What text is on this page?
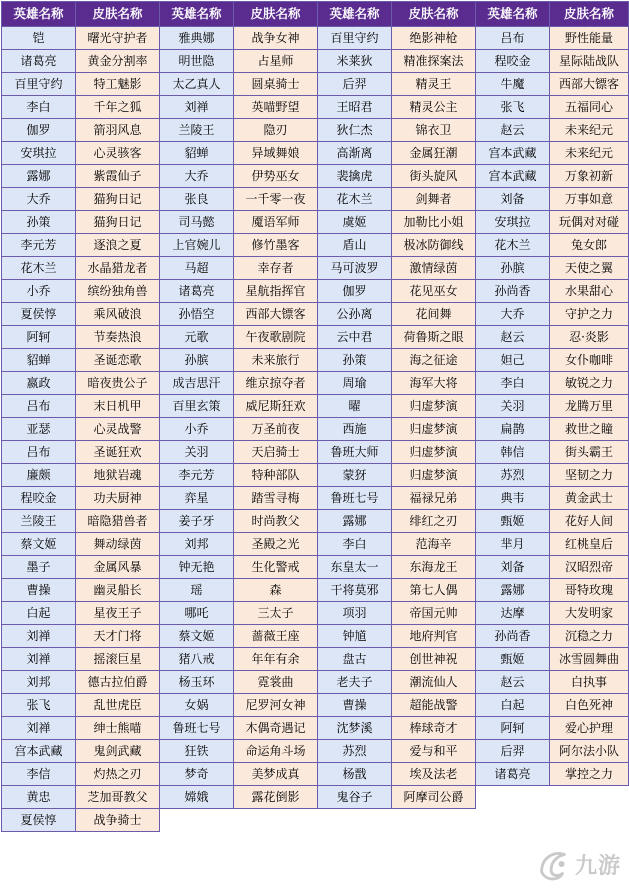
英雄名称	皮肤名称	英雄名称	皮肤名称	英雄名称	皮肤名称	英雄名称	皮肤名称
铠	曙光守护者	雅典娜	战争女神	百里守约	绝影神枪	吕布	野性能量
诸葛亮	黄金分割率	明世隐	占星师	米莱狄	精准探案法	程咬金	星际陆战队
百里守约	特工魅影	太乙真人	圆桌骑士	后羿	精灵王	牛魔	西部大镖客
李白	千年之狐	刘禅	英喵野望	王昭君	精灵公主	张飞	五福同心
伽罗	箭羽风息	兰陵王	隐刃	狄仁杰	锦衣卫	赵云	未来纪元
安琪拉	心灵骇客	貂蝉	异域舞娘	高渐离	金属狂潮	宫本武藏	未来纪元
露娜	紫霞仙子	大乔	伊势巫女	裴擒虎	街头旋风	宫本武藏	万象初新
大乔	猫狗日记	张良	一千零一夜	花木兰	剑舞者	刘备	万事如意
孙策	猫狗日记	司马懿	魇语军师	虞姬	加勒比小姐	安琪拉	玩偶对对碰
李元芳	逐浪之夏	上官婉儿	修竹墨客	盾山	极冰防御线	花木兰	兔女郎
花木兰	水晶猎龙者	马超	幸存者	马可波罗	激情绿茵	孙膑	天使之翼
小乔	缤纷独角兽	诸葛亮	星航指挥官	伽罗	花见巫女	孙尚香	水果甜心
夏侯惇	乘风破浪	孙悟空	西部大镖客	公孙离	花间舞	大乔	守护之力
阿轲	节奏热浪	元歌	午夜歌剧院	云中君	荷鲁斯之眼	赵云	忍·炎影
貂蝉	圣诞恋歌	孙膑	未来旅行	孙策	海之征途	妲己	女仆咖啡
嬴政	暗夜贵公子	成吉思汗	维京掠夺者	周瑜	海军大将	李白	敏锐之力
吕布	末日机甲	百里玄策	威尼斯狂欢	曜	归虚梦演	关羽	龙腾万里
亚瑟	心灵战警	小乔	万圣前夜	西施	归虚梦演	扁鹊	救世之瞳
吕布	圣诞狂欢	关羽	天启骑士	鲁班大师	归虚梦演	韩信	街头霸王
廉颇	地狱岩魂	李元芳	特种部队	蒙犽	归虚梦演	苏烈	坚韧之力
程咬金	功夫厨神	弈星	踏雪寻梅	鲁班七号	福禄兄弟	典韦	黄金武士
兰陵王	暗隐猎兽者	姜子牙	时尚教父	露娜	绯红之刃	甄姬	花好人间
蔡文姬	舞动绿茵	刘邦	圣殿之光	李白	范海辛	芈月	红桃皇后
墨子	金属风暴	钟无艳	生化警戒	东皇太一	东海龙王	刘备	汉昭烈帝
曹操	幽灵船长	瑶	森	干将莫邪	第七人偶	露娜	哥特玫瑰
白起	星夜王子	哪吒	三太子	项羽	帝国元帅	达摩	大发明家
刘禅	天才门将	蔡文姬	蔷薇王座	钟馗	地府判官	孙尚香	沉稳之力
刘禅	摇滚巨星	猪八戒	年年有余	盘古	创世神祝	甄姬	冰雪圆舞曲
刘邦	德古拉伯爵	杨玉环	霓裳曲	老夫子	潮流仙人	赵云	白执事
张飞	乱世虎臣	女娲	尼罗河女神	曹操	超能战警	白起	白色死神
刘禅	绅士熊喵	鲁班七号	木偶奇遇记	沈梦溪	棒球奇才	阿轲	爱心护理
宫本武藏	鬼剑武藏	狂铁	命运角斗场	苏烈	爱与和平	后羿	阿尔法小队
李信	灼热之刃	梦奇	美梦成真	杨戬	埃及法老	诸葛亮	掌控之力
黄忠	芝加哥教父	嫦娥	露花倒影	鬼谷子	阿摩司公爵		
夏侯惇	战争骑士						
九游
